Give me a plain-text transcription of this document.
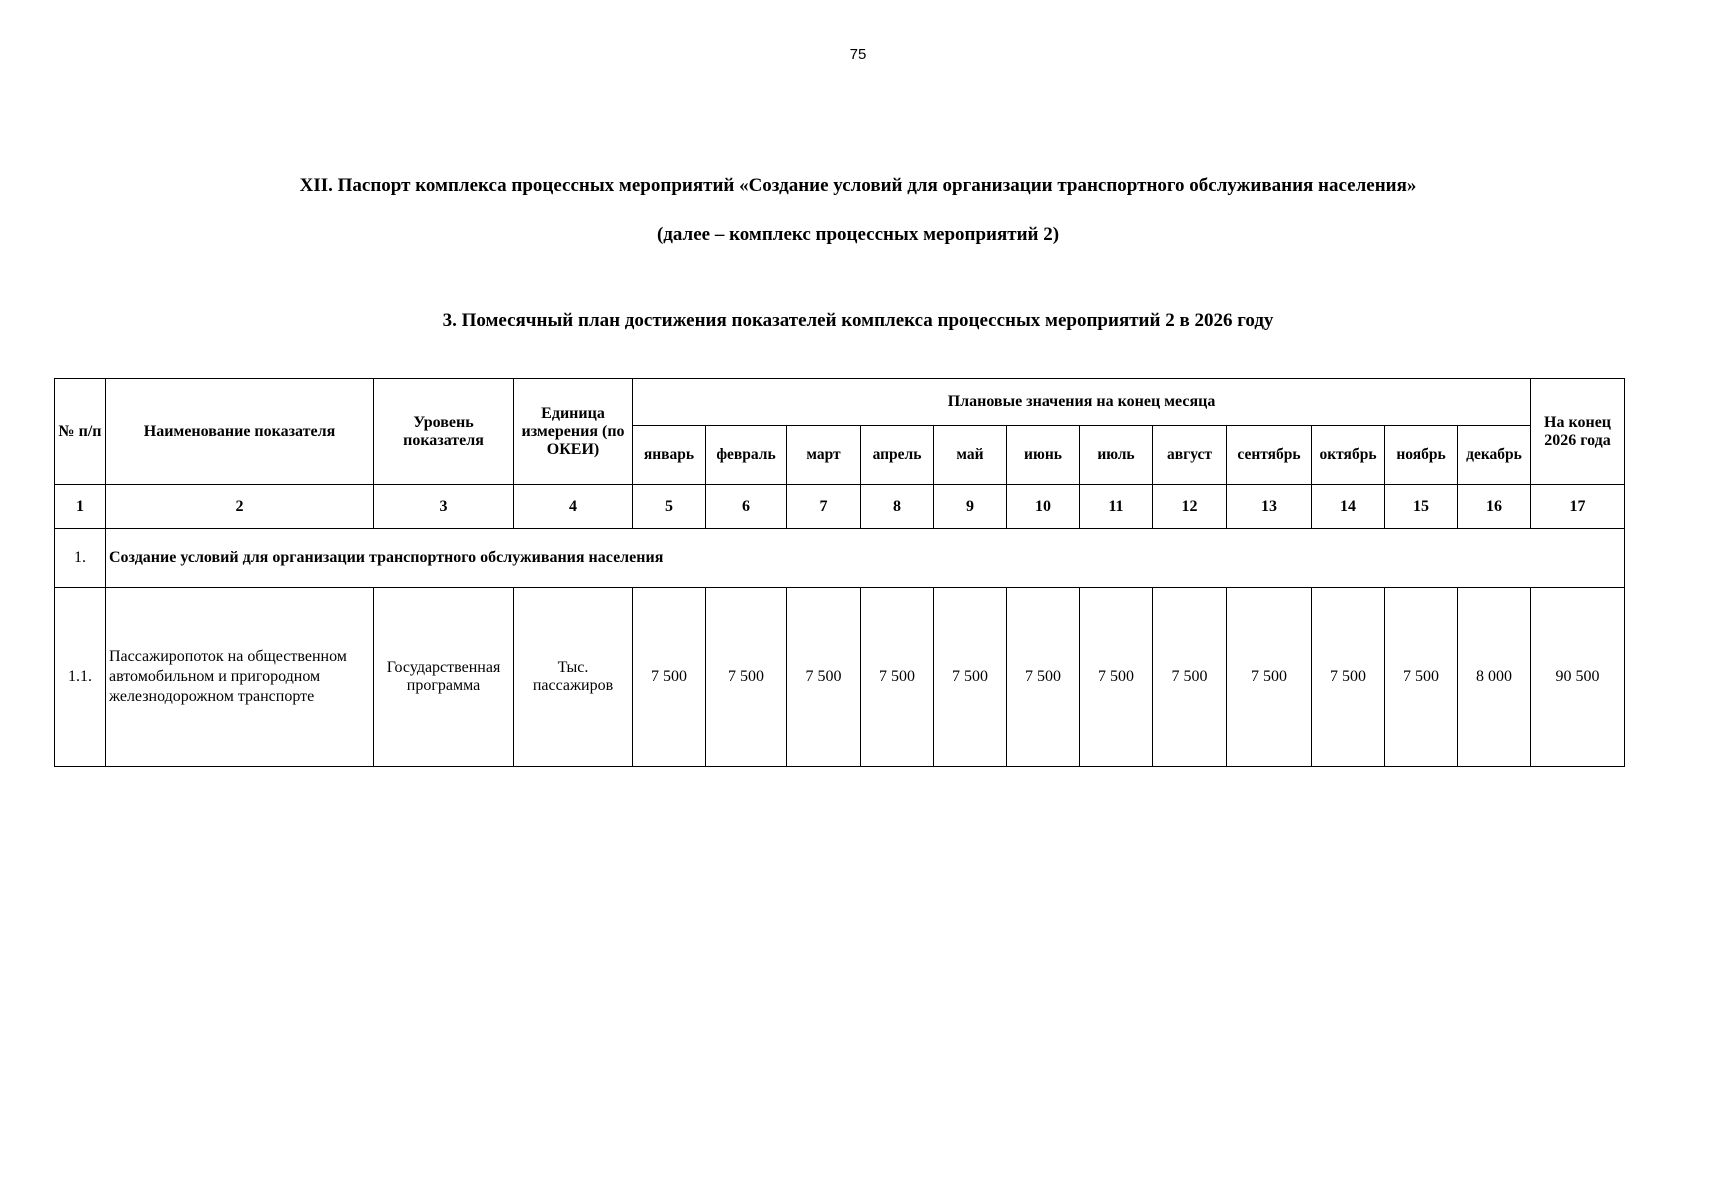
75
XII. Паспорт комплекса процессных мероприятий «Создание условий для организации транспортного обслуживания населения»
(далее – комплекс процессных мероприятий 2)
3. Помесячный план достижения показателей комплекса процессных мероприятий 2 в 2026 году
№ п/п	Наименование показателя	Уровень показателя	Единица измерения (по ОКЕИ)	Плановые значения на конец месяца												На конец 2026 года
				январь	февраль	март	апрель	май	июнь	июль	август	сентябрь	октябрь	ноябрь	декабрь	
1	2	3	4	5	6	7	8	9	10	11	12	13	14	15	16	17
1.	Создание условий для организации транспортного обслуживания населения															
1.1.	Пассажиропоток на общественном автомобильном и пригородном железнодорожном транспорте	Государственная программа	Тыс. пассажиров	7 500	7 500	7 500	7 500	7 500	7 500	7 500	7 500	7 500	7 500	7 500	8 000	90 500
